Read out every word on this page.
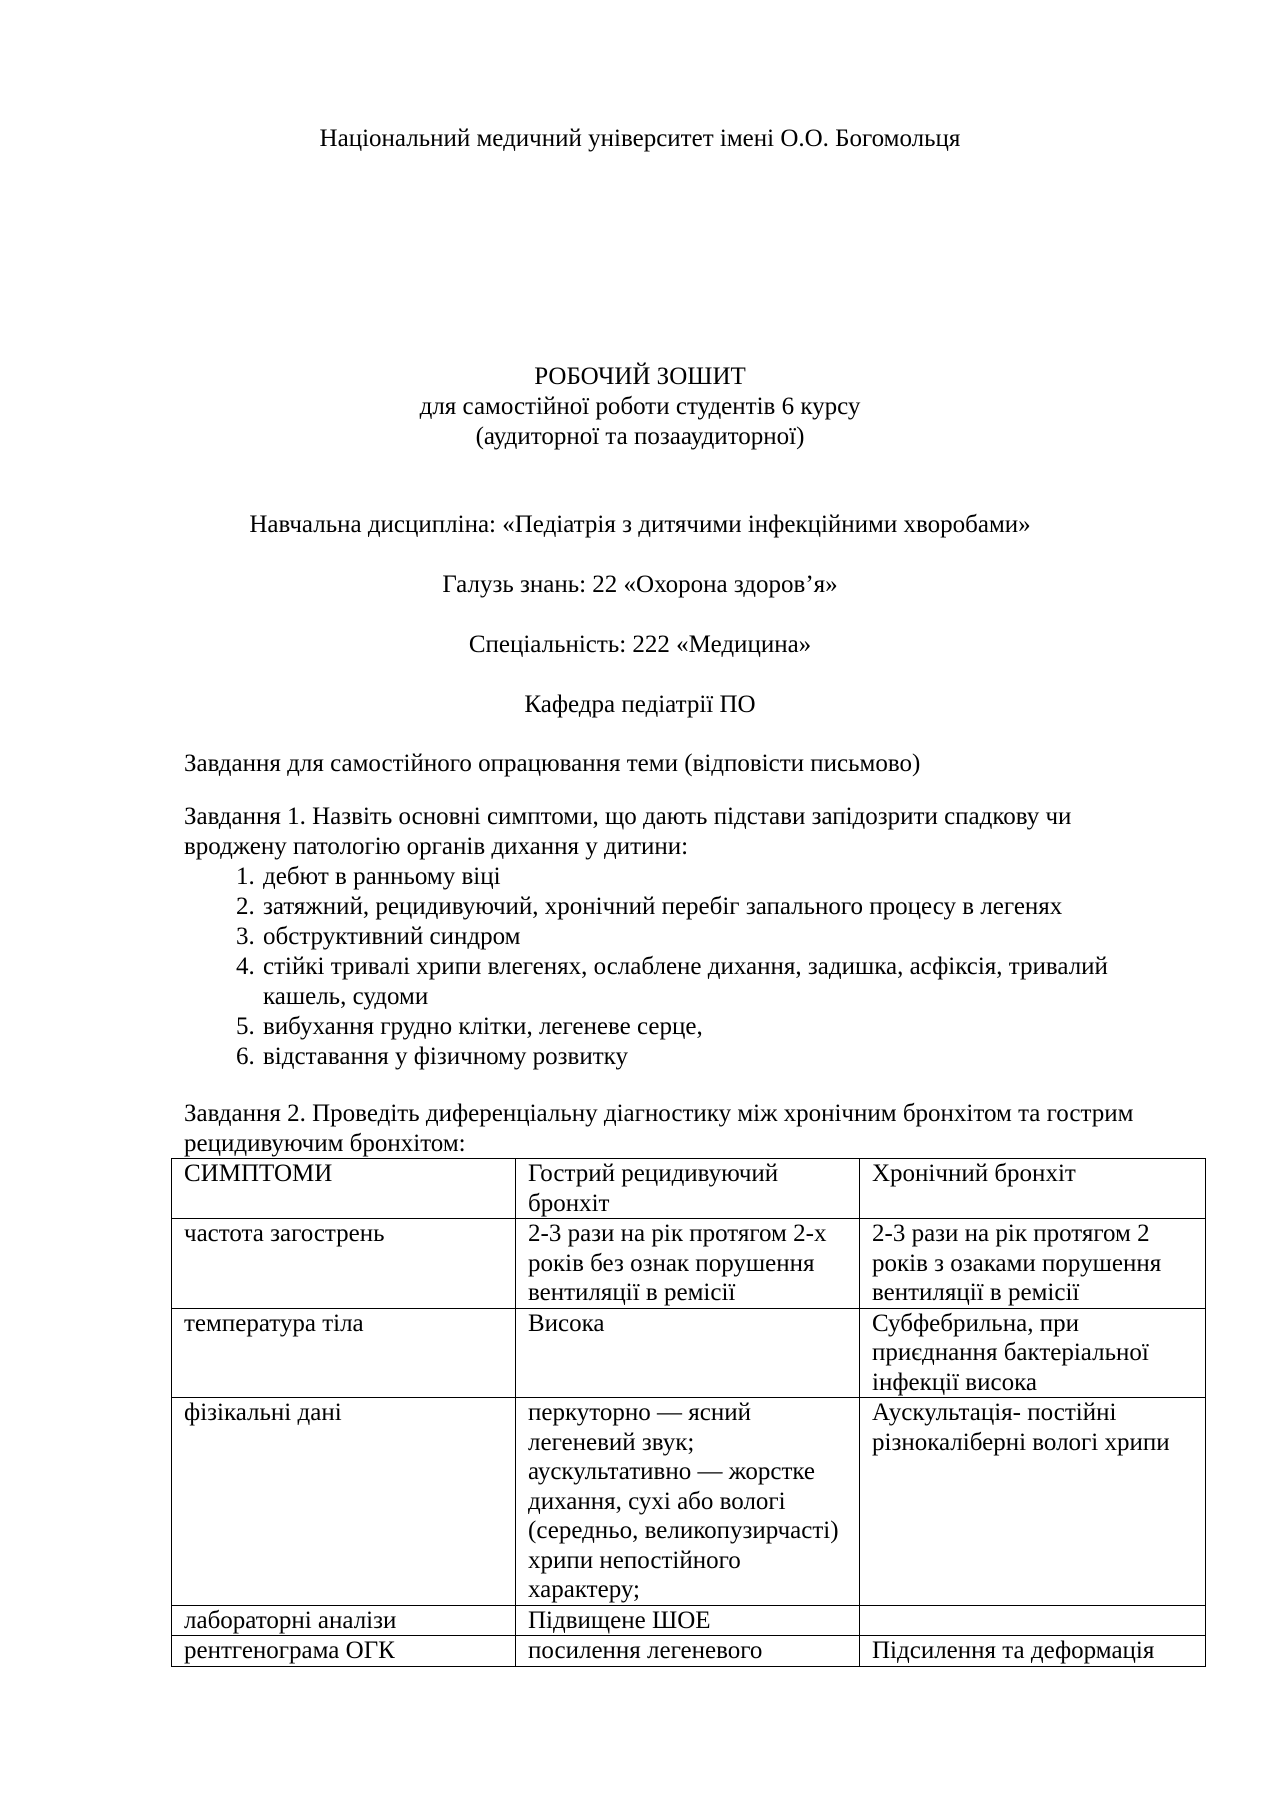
Національний медичний університет імені О.О. Богомольця

РОБОЧИЙ ЗОШИТ
для самостійної роботи студентів 6 курсу
(аудиторної та позааудиторної)

Навчальна дисципліна: «Педіатрія з дитячими інфекційними хворобами»

Галузь знань: 22 «Охорона здоров’я»

Спеціальність: 222 «Медицина»

Кафедра педіатрії ПО

Завдання для самостійного опрацювання теми (відповісти письмово)

Завдання 1. Назвіть основні симптоми, що дають підстави запідозрити спадкову чи вроджену патологію органів дихання у дитини:

1. дебют в ранньому віці
2. затяжний, рецидивуючий, хронічний перебіг запального процесу в легенях
3. обструктивний синдром
4. стійкі тривалі хрипи влегенях, ослаблене дихання, задишка, асфіксія, тривалий кашель, судоми
5. вибухання грудно клітки, легеневе серце,
6. відставання у фізичному розвитку

Завдання 2. Проведіть диференціальну діагностику між хронічним бронхітом та гострим рецидивуючим бронхітом:

СИМПТОМИ	Гострий рецидивуючий бронхіт	Хронічний бронхіт
частота загострень	2-3 рази на рік протягом 2-х років без ознак порушення вентиляції в ремісії	2-3 рази на рік протягом 2 років з озаками порушення вентиляції в ремісії
температура тіла	Висока	Субфебрильна, при приєднання бактеріальної інфекції висока
фізікальні дані	перкуторно — ясний легеневий звук; аускультативно — жорстке дихання, сухі або вологі (середньо, великопузирчасті) хрипи непостійного характеру;	Аускультація- постійні різнокаліберні вологі хрипи
лабораторні аналізи	Підвищене ШОЕ	
рентгенограма ОГК	посилення легеневого	Підсилення та деформація
